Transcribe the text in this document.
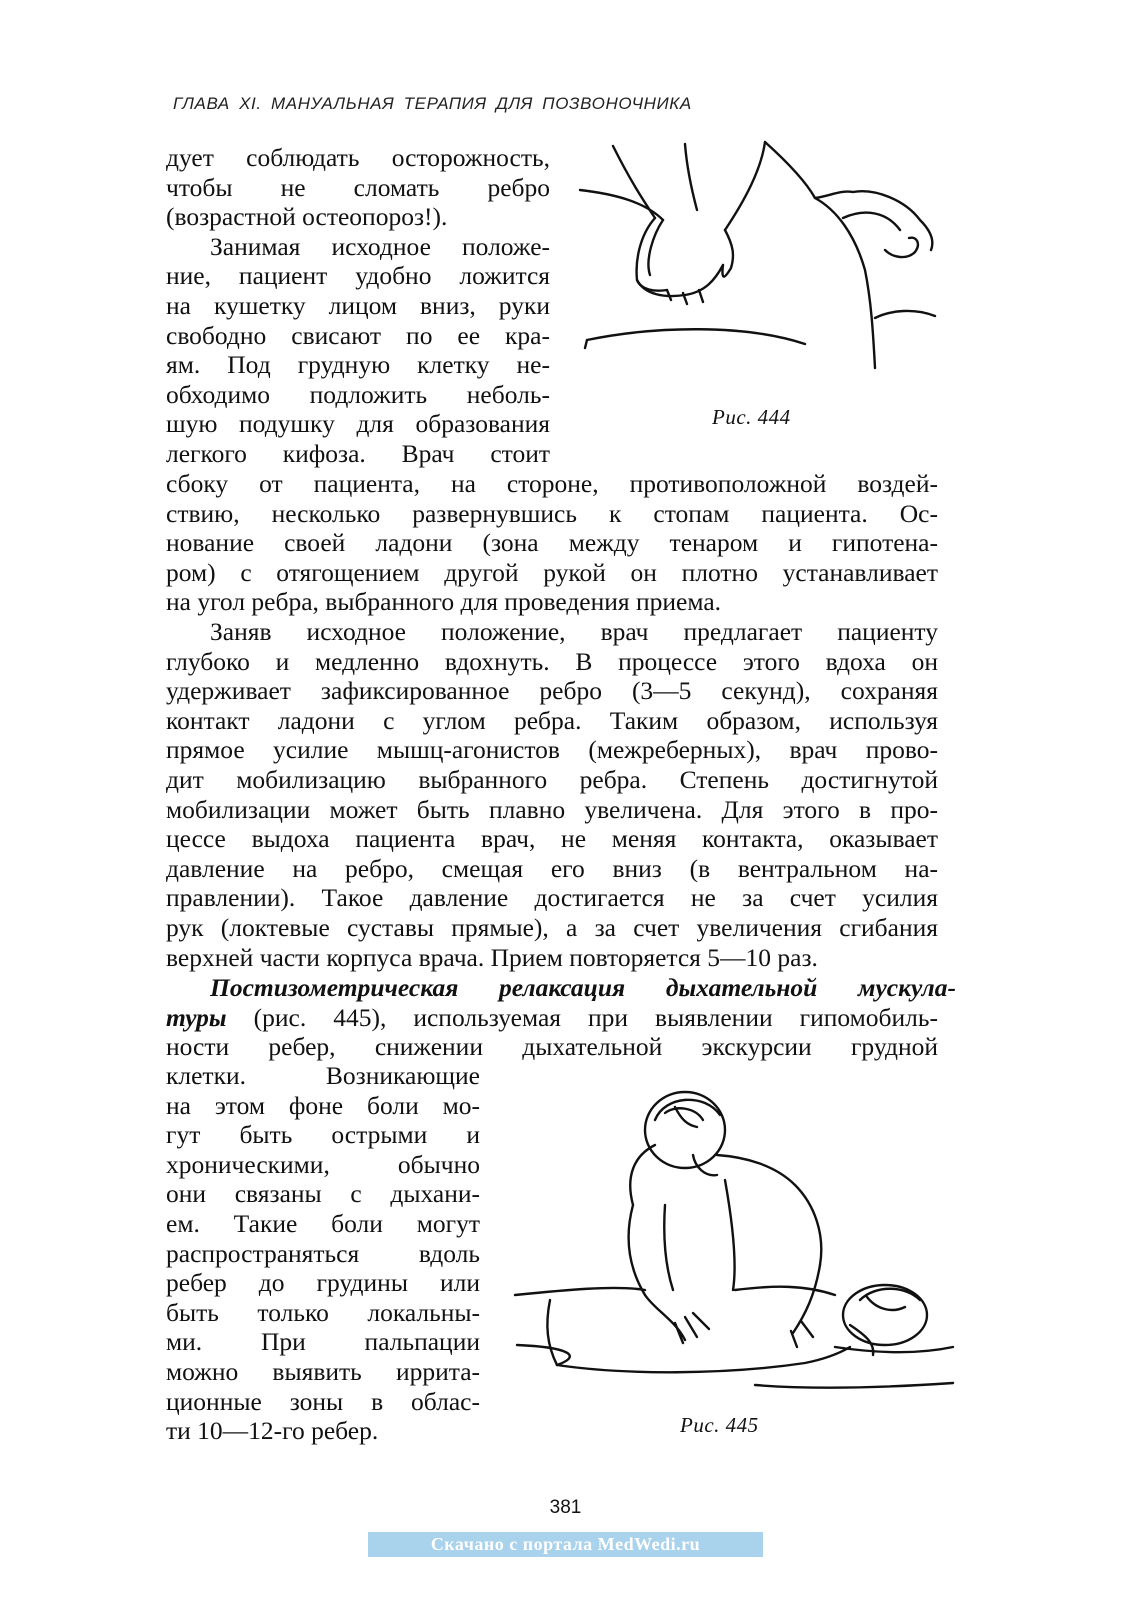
ГЛАВА XI. МАНУАЛЬНАЯ ТЕРАПИЯ ДЛЯ ПОЗВОНОЧНИКА

дует соблюдать осторожность,

чтобы не сломать ребро

(возрастной остеопороз!).

Занимая исходное положе-

ние, пациент удобно ложится

на кушетку лицом вниз, руки

свободно свисают по ее кра-

ям. Под грудную клетку не-

обходимо подложить неболь-

шую подушку для образования

легкого кифоза. Врач стоит

Рис. 444

сбоку от пациента, на стороне, противоположной воздей-

ствию, несколько развернувшись к стопам пациента. Ос-

нование своей ладони (зона между тенаром и гипотена-

ром) с отягощением другой рукой он плотно устанавливает

на угол ребра, выбранного для проведения приема.

Заняв исходное положение, врач предлагает пациенту

глубоко и медленно вдохнуть. В процессе этого вдоха он

удерживает зафиксированное ребро (3—5 секунд), сохраняя

контакт ладони с углом ребра. Таким образом, используя

прямое усилие мышц-агонистов (межреберных), врач прово-

дит мобилизацию выбранного ребра. Степень достигнутой

мобилизации может быть плавно увеличена. Для этого в про-

цессе выдоха пациента врач, не меняя контакта, оказывает

давление на ребро, смещая его вниз (в вентральном на-

правлении). Такое давление достигается не за счет усилия

рук (локтевые суставы прямые), а за счет увеличения сгибания

верхней части корпуса врача. Прием повторяется 5—10 раз.

Постизометрическая релаксация дыхательной мускула-

туры (рис. 445), используемая при выявлении гипомобиль-

ности ребер, снижении дыхательной экскурсии грудной

клетки. Возникающие

на этом фоне боли мо-

гут быть острыми и

хроническими, обычно

они связаны с дыхани-

ем. Такие боли могут

распространяться вдоль

ребер до грудины или

быть только локальны-

ми. При пальпации

можно выявить иррита-

ционные зоны в облас-

ти 10—12-го ребер.	Рис. 445
381
Скачано с портала MedWedi.ru
